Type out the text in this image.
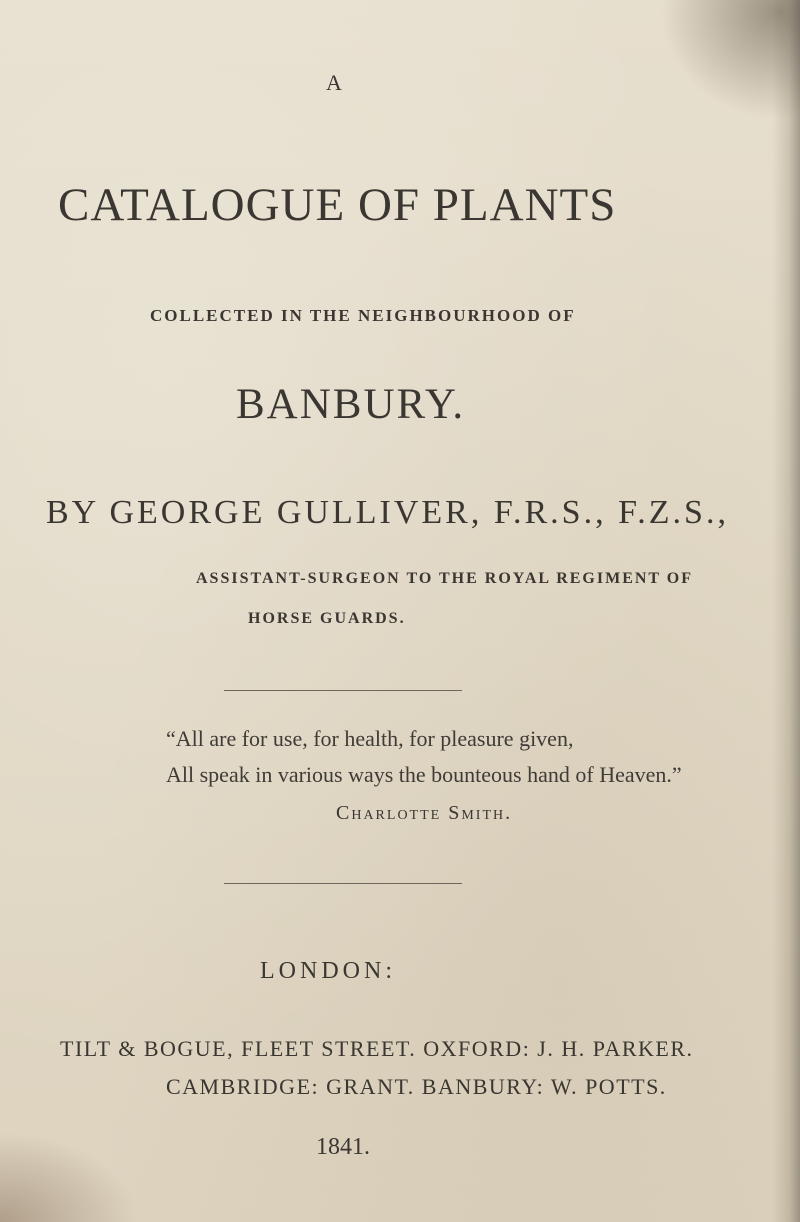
A

CATALOGUE OF PLANTS

COLLECTED IN THE NEIGHBOURHOOD OF

BANBURY.

BY GEORGE GULLIVER, F.R.S., F.Z.S.,

ASSISTANT-SURGEON TO THE ROYAL REGIMENT OF

HORSE GUARDS.

“All are for use, for health, for pleasure given,

All speak in various ways the bounteous hand of Heaven.”

Charlotte Smith.

LONDON:

TILT & BOGUE, FLEET STREET. OXFORD: J. H. PARKER.

CAMBRIDGE: GRANT. BANBURY: W. POTTS.

1841.
